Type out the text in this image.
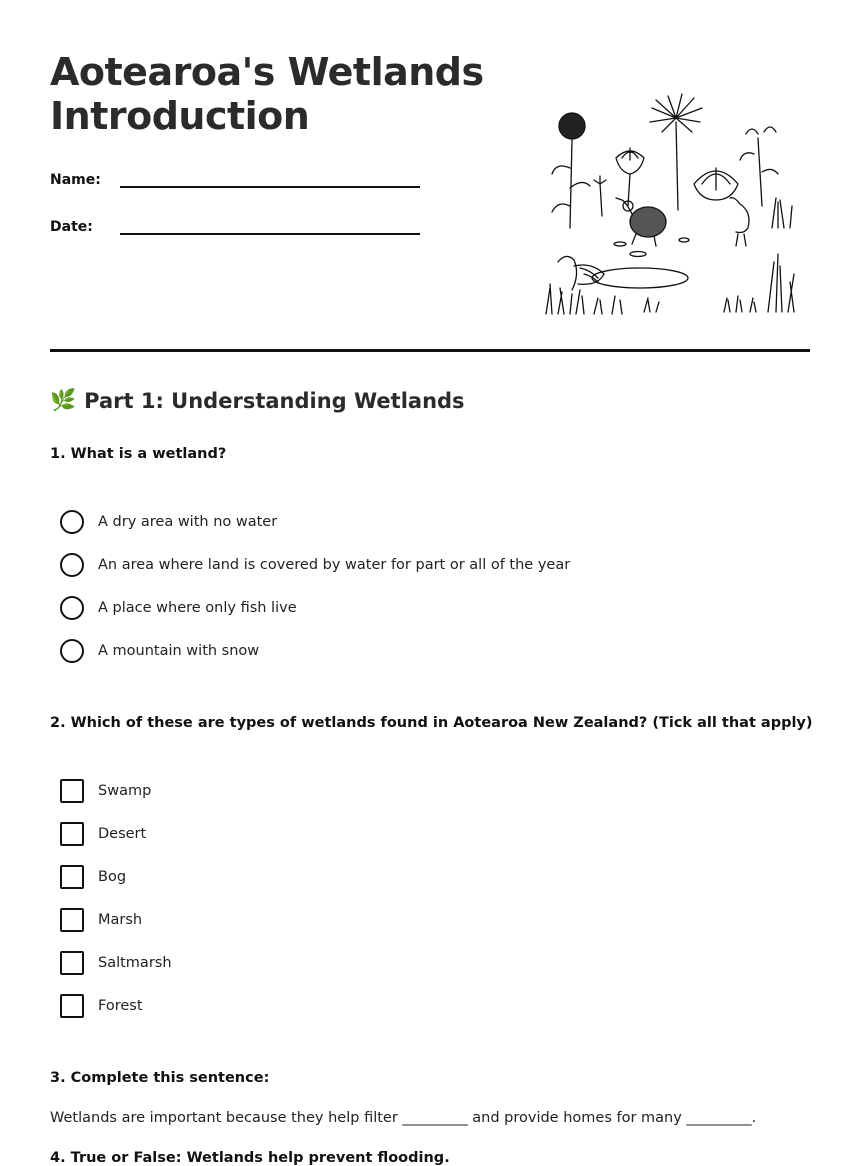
Aotearoa's Wetlands
Introduction
Name:
Date:
🌿 Part 1: Understanding Wetlands

1. What is a wetland?

A dry area with no water
An area where land is covered by water for part or all of the year
A place where only fish live
A mountain with snow

2. Which of these are types of wetlands found in Aotearoa New Zealand? (Tick all that apply)

Swamp
Desert
Bog
Marsh
Saltmarsh
Forest

3. Complete this sentence:

Wetlands are important because they help filter _________ and provide homes for many _________.

4. True or False: Wetlands help prevent flooding.
